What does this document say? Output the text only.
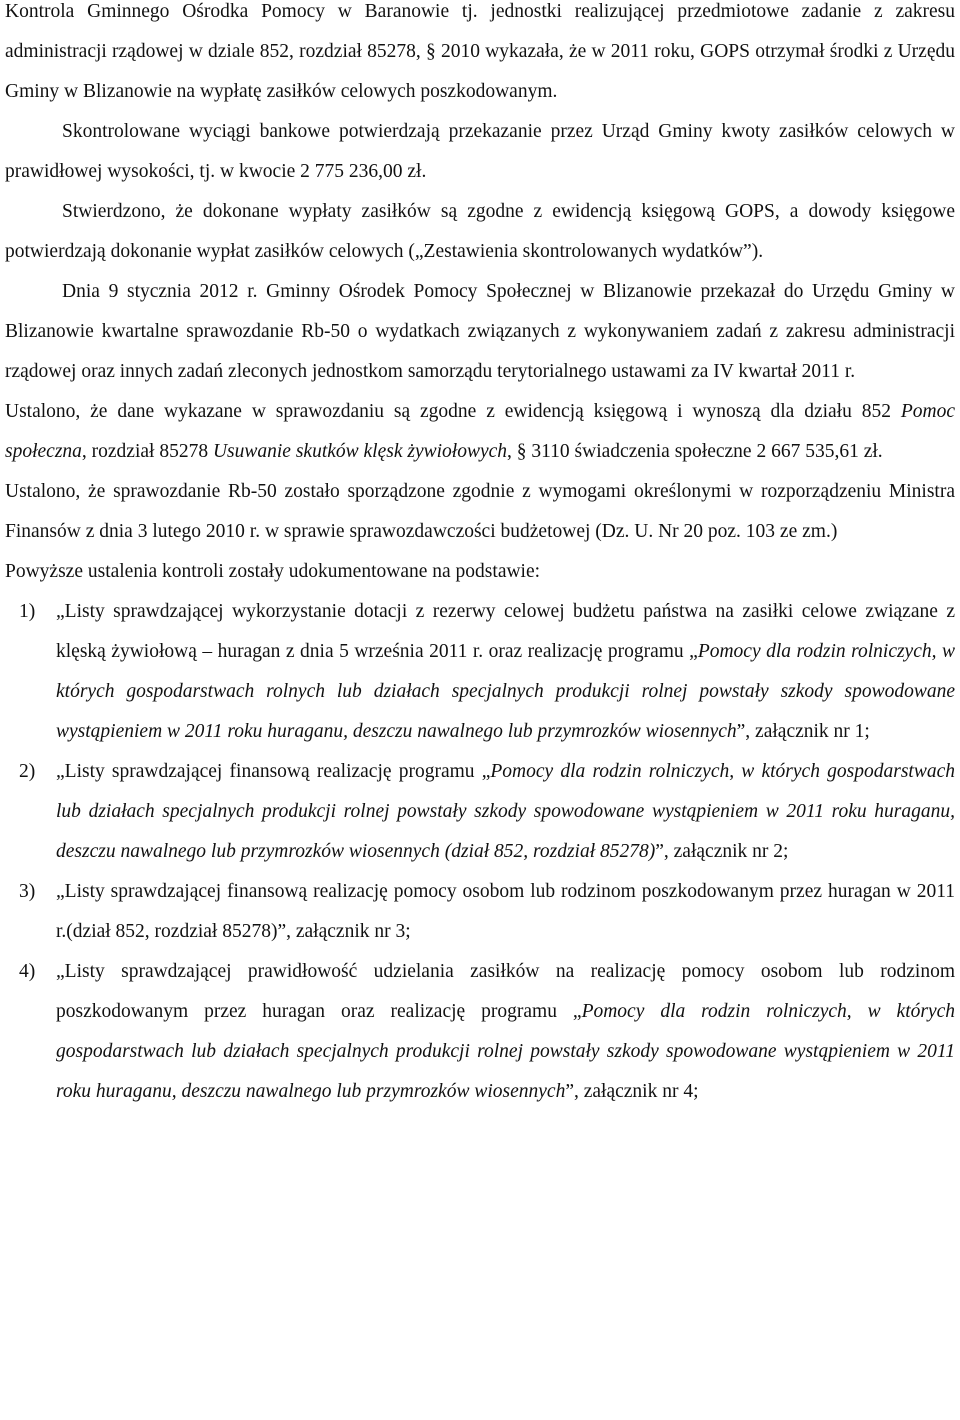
Kontrola Gminnego Ośrodka Pomocy w Baranowie tj. jednostki realizującej przedmiotowe zadanie z zakresu administracji rządowej w dziale 852, rozdział 85278, § 2010 wykazała, że w 2011 roku, GOPS otrzymał środki z Urzędu Gminy w Blizanowie na wypłatę zasiłków celowych poszkodowanym.

Skontrolowane wyciągi bankowe potwierdzają przekazanie przez Urząd Gminy kwoty zasiłków celowych w prawidłowej wysokości, tj. w kwocie 2 775 236,00 zł.

Stwierdzono, że dokonane wypłaty zasiłków są zgodne z ewidencją księgową GOPS, a dowody księgowe potwierdzają dokonanie wypłat zasiłków celowych („Zestawienia skontrolowanych wydatków”).

Dnia 9 stycznia 2012 r. Gminny Ośrodek Pomocy Społecznej w Blizanowie przekazał do Urzędu Gminy w Blizanowie kwartalne sprawozdanie Rb-50 o wydatkach związanych z wykonywaniem zadań z zakresu administracji rządowej oraz innych zadań zleconych jednostkom samorządu terytorialnego ustawami za IV kwartał 2011 r.

Ustalono, że dane wykazane w sprawozdaniu są zgodne z ewidencją księgową i wynoszą dla działu 852 Pomoc społeczna, rozdział 85278 Usuwanie skutków klęsk żywiołowych, § 3110 świadczenia społeczne 2 667 535,61 zł.

Ustalono, że sprawozdanie Rb-50 zostało sporządzone zgodnie z wymogami określonymi w rozporządzeniu Ministra Finansów z dnia 3 lutego 2010 r. w sprawie sprawozdawczości budżetowej (Dz. U. Nr 20 poz. 103 ze zm.)

Powyższe ustalenia kontroli zostały udokumentowane na podstawie:

1) „Listy sprawdzającej wykorzystanie dotacji z rezerwy celowej budżetu państwa na zasiłki celowe związane z klęską żywiołową – huragan z dnia 5 września 2011 r. oraz realizację programu „Pomocy dla rodzin rolniczych, w których gospodarstwach rolnych lub działach specjalnych produkcji rolnej powstały szkody spowodowane wystąpieniem w 2011 roku huraganu, deszczu nawalnego lub przymrozków wiosennych”, załącznik nr 1;
2) „Listy sprawdzającej finansową realizację programu „Pomocy dla rodzin rolniczych, w których gospodarstwach lub działach specjalnych produkcji rolnej powstały szkody spowodowane wystąpieniem w 2011 roku huraganu, deszczu nawalnego lub przymrozków wiosennych (dział 852, rozdział 85278)”, załącznik nr 2;
3) „Listy sprawdzającej finansową realizację pomocy osobom lub rodzinom poszkodowanym przez huragan w 2011 r.(dział 852, rozdział 85278)”, załącznik nr 3;
4) „Listy sprawdzającej prawidłowość udzielania zasiłków na realizację pomocy osobom lub rodzinom poszkodowanym przez huragan oraz realizację programu „Pomocy dla rodzin rolniczych, w których gospodarstwach lub działach specjalnych produkcji rolnej powstały szkody spowodowane wystąpieniem w 2011 roku huraganu, deszczu nawalnego lub przymrozków wiosennych”, załącznik nr 4;
